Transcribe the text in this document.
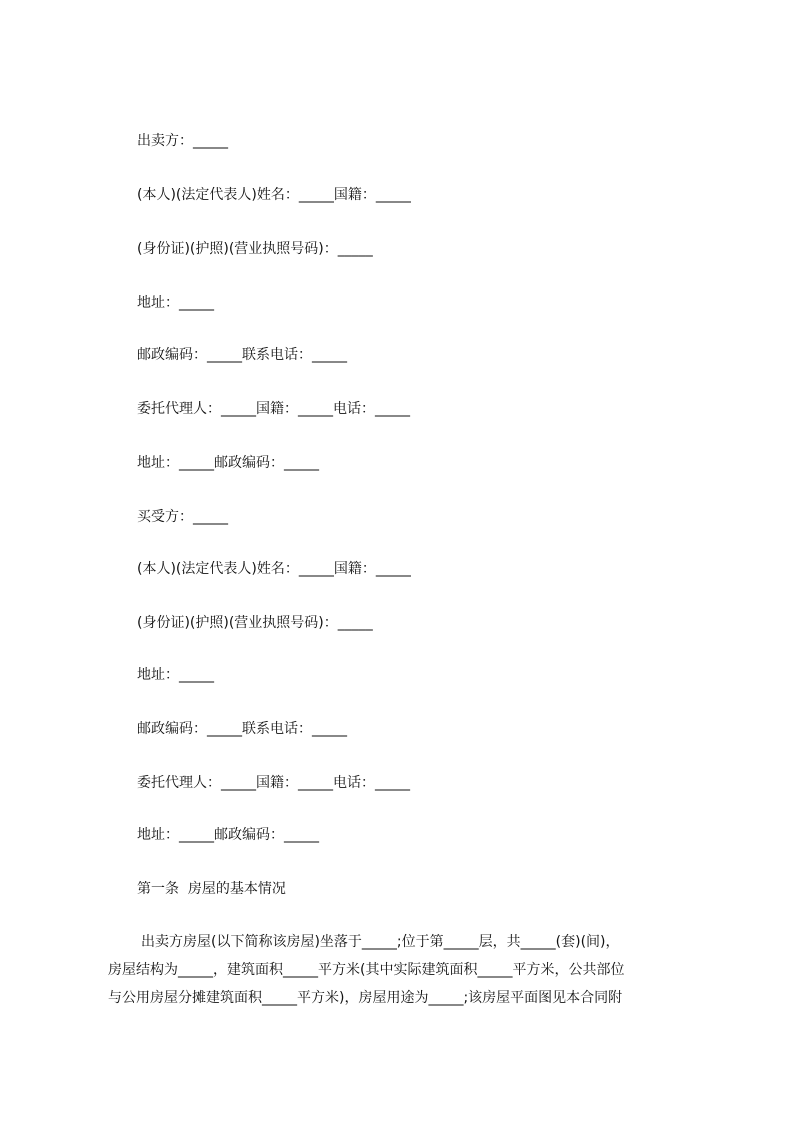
出卖方：_____
(本人)(法定代表人)姓名：_____国籍：_____
(身份证)(护照)(营业执照号码)：_____
地址：_____
邮政编码：_____联系电话：_____
委托代理人：_____国籍：_____电话：_____
地址：_____邮政编码：_____
买受方：_____
(本人)(法定代表人)姓名：_____国籍：_____
(身份证)(护照)(营业执照号码)：_____
地址：_____
邮政编码：_____联系电话：_____
委托代理人：_____国籍：_____电话：_____
地址：_____邮政编码：_____
第一条  房屋的基本情况
出卖方房屋(以下简称该房屋)坐落于_____;位于第_____层，共_____(套)(间)，
房屋结构为_____，建筑面积_____平方米(其中实际建筑面积_____平方米，公共部位
与公用房屋分摊建筑面积_____平方米)，房屋用途为_____;该房屋平面图见本合同附
